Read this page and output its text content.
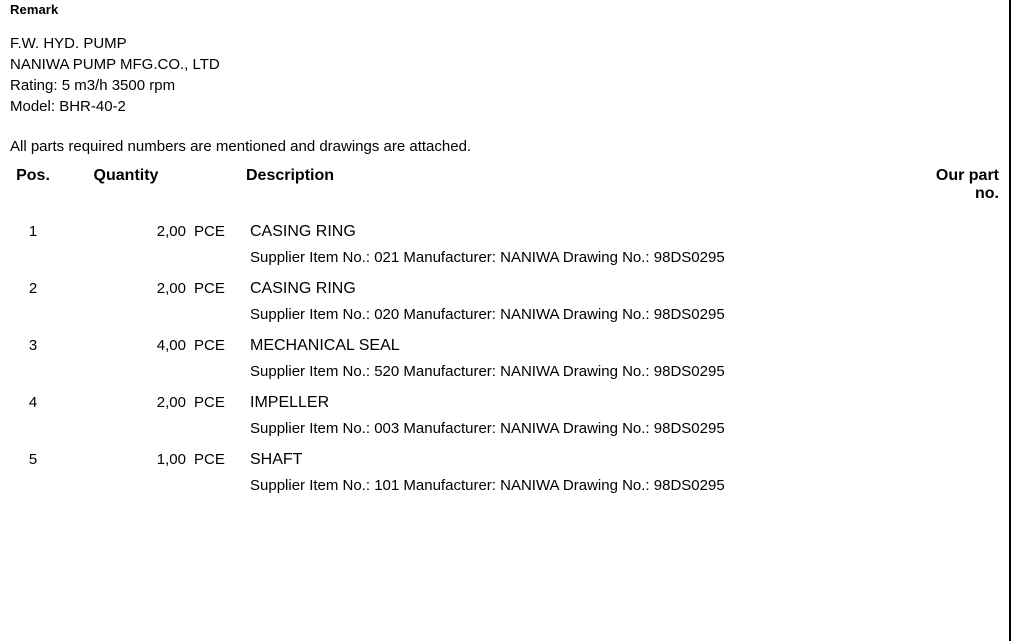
Remark
F.W. HYD. PUMP
NANIWA PUMP MFG.CO., LTD
Rating: 5 m3/h 3500 rpm
Model: BHR-40-2
All parts required numbers are mentioned and drawings are attached.
Pos.	Quantity		Description	Our part no.
1	2,00	PCE	CASING RING	

			Supplier Item No.: 021 Manufacturer: NANIWA Drawing No.: 98DS0295	

2	2,00	PCE	CASING RING	

			Supplier Item No.: 020 Manufacturer: NANIWA Drawing No.: 98DS0295	

3	4,00	PCE	MECHANICAL SEAL	

			Supplier Item No.: 520 Manufacturer: NANIWA Drawing No.: 98DS0295	

4	2,00	PCE	IMPELLER	

			Supplier Item No.: 003 Manufacturer: NANIWA Drawing No.: 98DS0295	

5	1,00	PCE	SHAFT	

			Supplier Item No.: 101 Manufacturer: NANIWA Drawing No.: 98DS0295	
